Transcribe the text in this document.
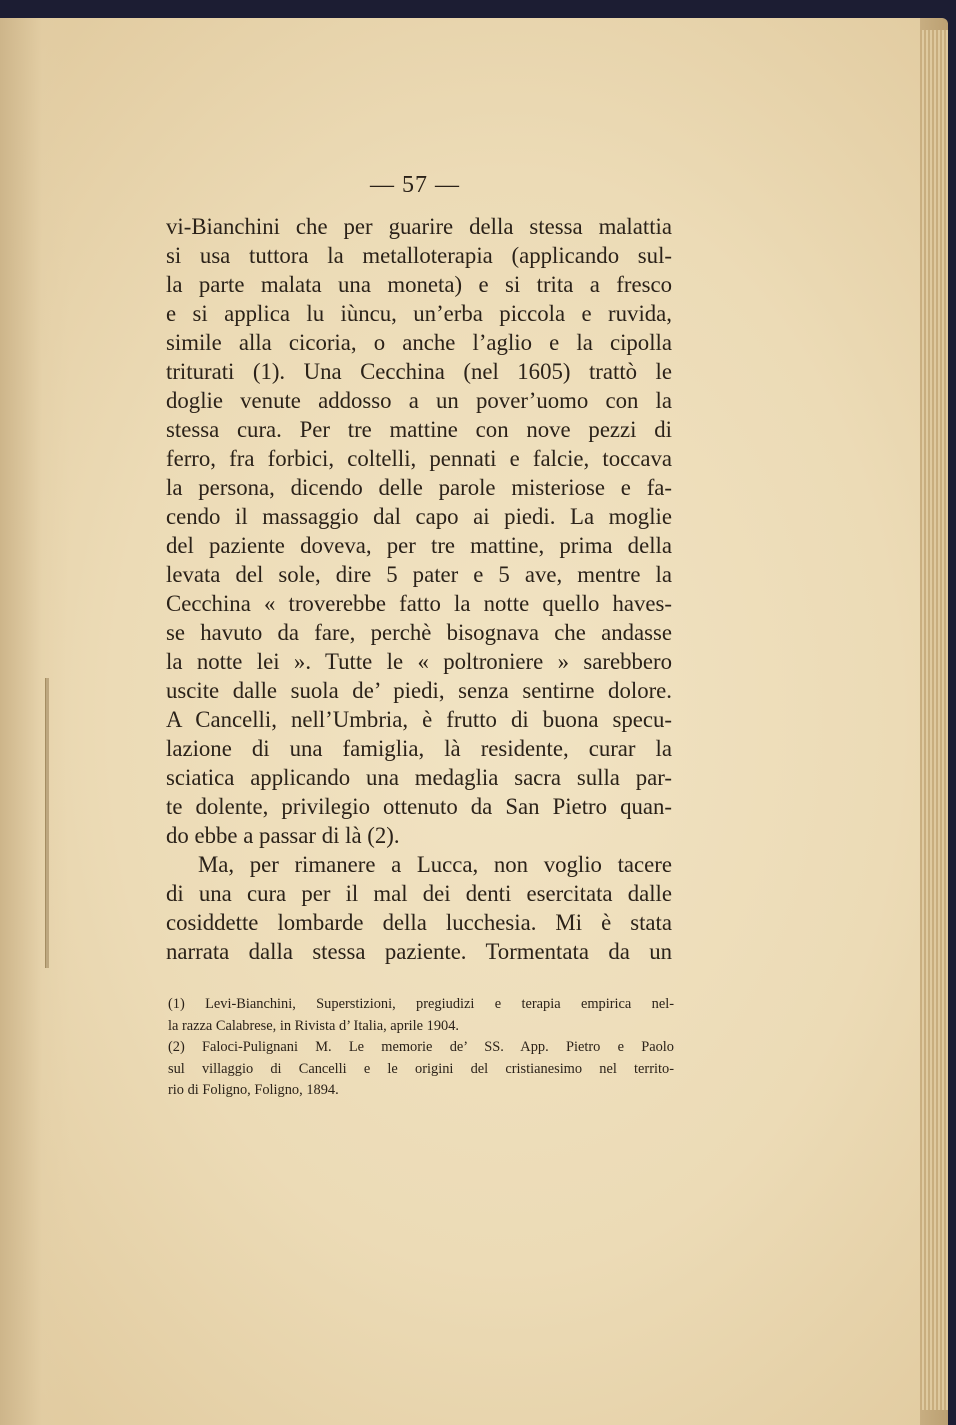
— 57 —
vi-Bianchini che per guarire della stessa malattia
si usa tuttora la metalloterapia (applicando sul-
la parte malata una moneta) e si trita a fresco
e si applica lu iùncu, un’erba piccola e ruvida,
simile alla cicoria, o anche l’aglio e la cipolla
triturati (1). Una Cecchina (nel 1605) trattò le
doglie venute addosso a un pover’uomo con la
stessa cura. Per tre mattine con nove pezzi di
ferro, fra forbici, coltelli, pennati e falcie, toccava
la persona, dicendo delle parole misteriose e fa-
cendo il massaggio dal capo ai piedi. La moglie
del paziente doveva, per tre mattine, prima della
levata del sole, dire 5 pater e 5 ave, mentre la
Cecchina « troverebbe fatto la notte quello haves-
se havuto da fare, perchè bisognava che andasse
la notte lei ». Tutte le « poltroniere » sarebbero
uscite dalle suola de’ piedi, senza sentirne dolore.
A Cancelli, nell’Umbria, è frutto di buona specu-
lazione di una famiglia, là residente, curar la
sciatica applicando una medaglia sacra sulla par-
te dolente, privilegio ottenuto da San Pietro quan-
do ebbe a passar di là (2).
Ma, per rimanere a Lucca, non voglio tacere
di una cura per il mal dei denti esercitata dalle
cosiddette lombarde della lucchesia. Mi è stata
narrata dalla stessa paziente. Tormentata da un
(1) Levi-Bianchini, Superstizioni, pregiudizi e terapia empirica nel-
la razza Calabrese, in Rivista d’ Italia, aprile 1904.
(2) Faloci-Pulignani M. Le memorie de’ SS. App. Pietro e Paolo
sul villaggio di Cancelli e le origini del cristianesimo nel territo-
rio di Foligno, Foligno, 1894.
